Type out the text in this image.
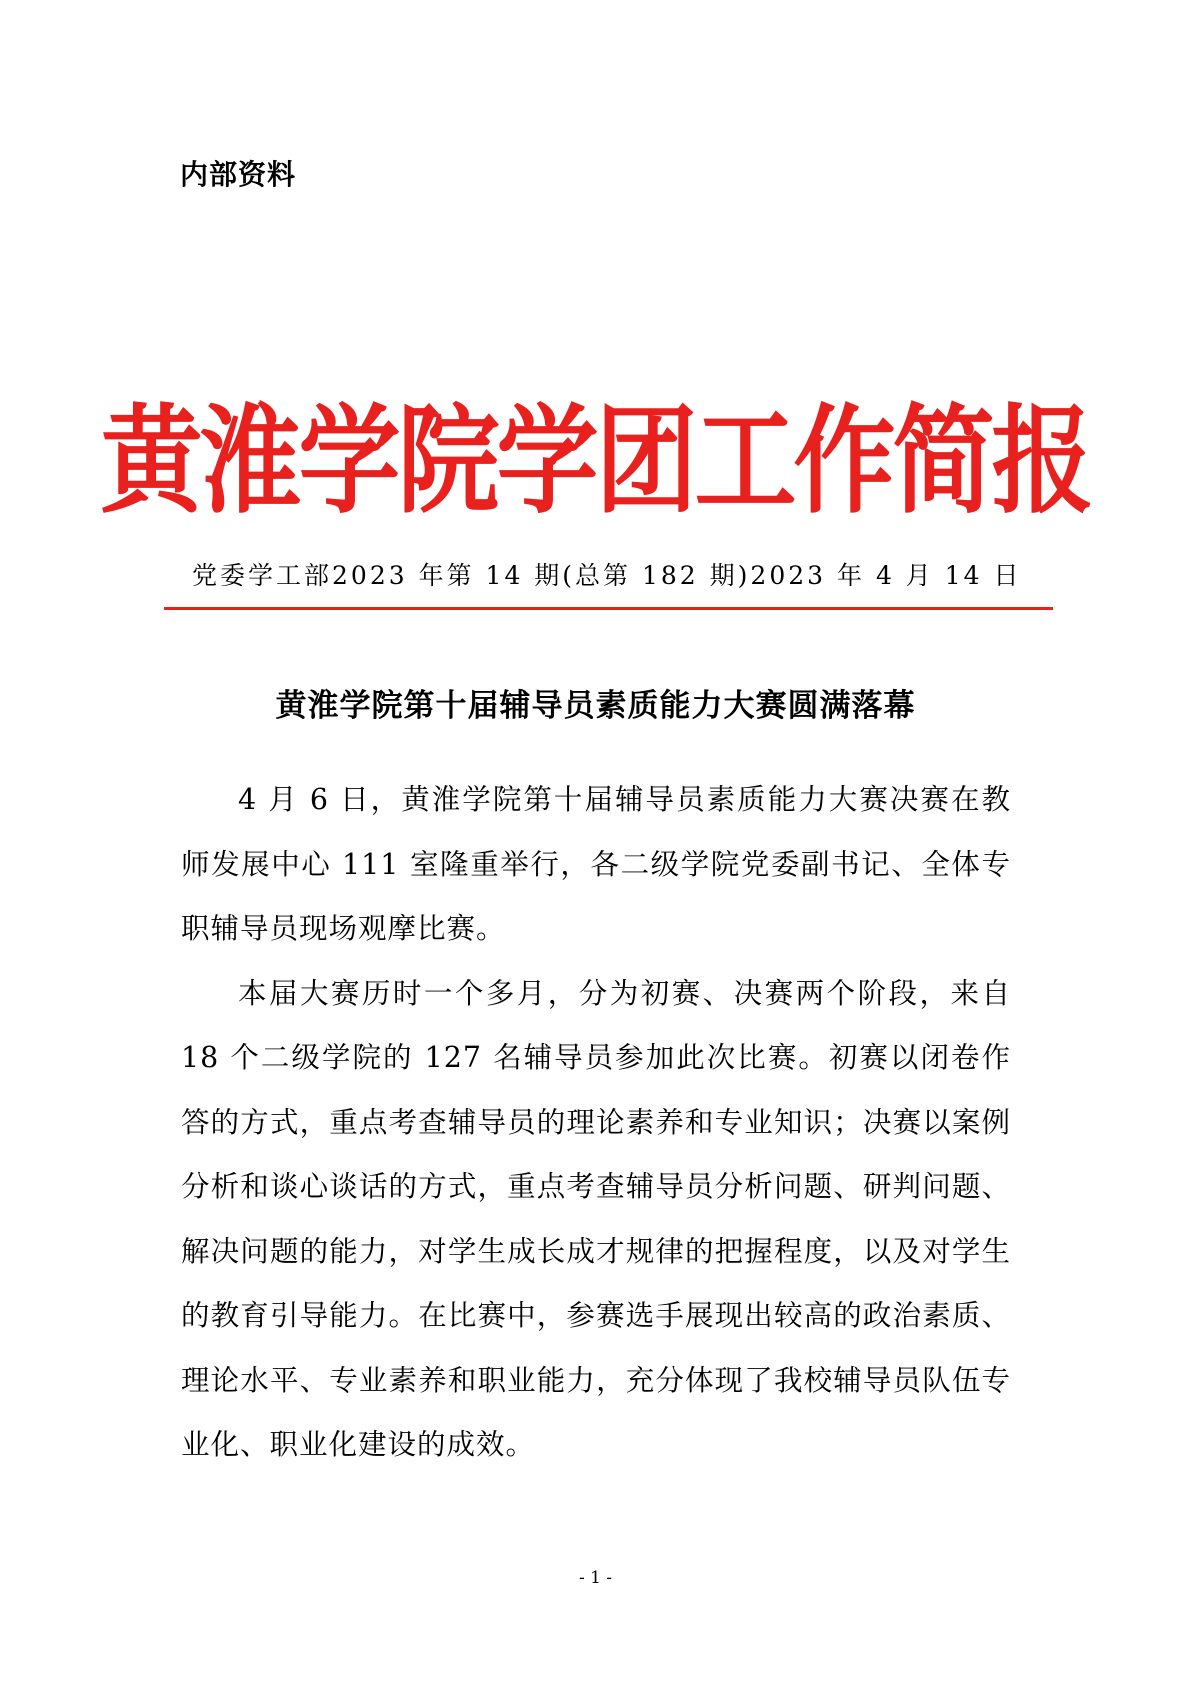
内部资料
黄淮学院学团工作简报
党委学工部 2023 年第 14 期(总第 182 期) 2023 年 4 月 14 日
黄淮学院第十届辅导员素质能力大赛圆满落幕

4 月 6 日，黄淮学院第十届辅导员素质能力大赛决赛在教师发展中心 111 室隆重举行，各二级学院党委副书记、全体专职辅导员现场观摩比赛。

本届大赛历时一个多月，分为初赛、决赛两个阶段，来自18 个二级学院的 127 名辅导员参加此次比赛。初赛以闭卷作答的方式，重点考查辅导员的理论素养和专业知识；决赛以案例分析和谈心谈话的方式，重点考查辅导员分析问题、研判问题、解决问题的能力，对学生成长成才规律的把握程度，以及对学生的教育引导能力。在比赛中，参赛选手展现出较高的政治素质、理论水平、专业素养和职业能力，充分体现了我校辅导员队伍专业化、职业化建设的成效。

- 1 -
